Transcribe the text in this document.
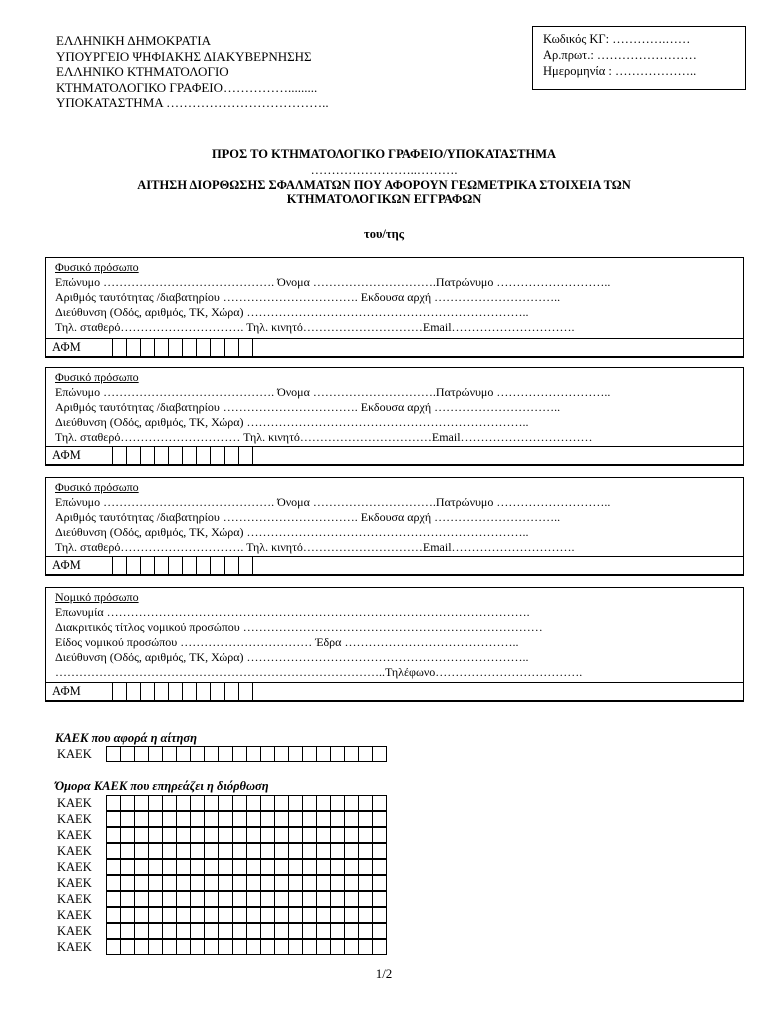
ΕΛΛΗΝΙΚΗ ΔΗΜΟΚΡΑΤΙΑ
ΥΠΟΥΡΓΕΙΟ ΨΗΦΙΑΚΗΣ ΔΙΑΚΥΒΕΡΝΗΣΗΣ
ΕΛΛΗΝΙΚΟ ΚΤΗΜΑΤΟΛΟΓΙΟ
ΚΤΗΜΑΤΟΛΟΓΙΚΟ ΓΡΑΦΕΙΟ…………….........
ΥΠΟΚΑΤΑΣΤΗΜΑ ………………………………..
Κωδικός ΚΓ: ………….……
Αρ.πρωτ.: ……………………
Ημερομηνία : ………………..
ΠΡΟΣ ΤΟ ΚΤΗΜΑΤΟΛΟΓΙΚΟ ΓΡΑΦΕΙΟ/ΥΠΟΚΑΤΑΣΤΗΜΑ
……………………..……….
ΑΙΤΗΣΗ ΔΙΟΡΘΩΣΗΣ ΣΦΑΛΜΑΤΩΝ ΠΟΥ ΑΦΟΡΟΥΝ ΓΕΩΜΕΤΡΙΚΑ ΣΤΟΙΧΕΙΑ ΤΩΝ
ΚΤΗΜΑΤΟΛΟΓΙΚΩΝ ΕΓΓΡΑΦΩΝ
του/της
Φυσικό πρόσωπο
Επώνυμο ……………………………………. Όνομα ………………………….Πατρώνυμο ………………………..
Αριθμός ταυτότητας /διαβατηρίου ……………………………. Εκδουσα αρχή …………………………..
Διεύθυνση (Οδός, αριθμός, ΤΚ, Χώρα) ……………………………………………………………..
Τηλ. σταθερό…………………………. Τηλ. κινητό…………………………Email………………………….
ΑΦΜ
Φυσικό πρόσωπο
Επώνυμο ……………………………………. Όνομα ………………………….Πατρώνυμο ………………………..
Αριθμός ταυτότητας /διαβατηρίου ……………………………. Εκδουσα αρχή …………………………..
Διεύθυνση (Οδός, αριθμός, ΤΚ, Χώρα) ……………………………………………………………..
Τηλ. σταθερό………………………… Τηλ. κινητό……………………………Email……………………………
ΑΦΜ
Φυσικό πρόσωπο
Επώνυμο ……………………………………. Όνομα ………………………….Πατρώνυμο ………………………..
Αριθμός ταυτότητας /διαβατηρίου ……………………………. Εκδουσα αρχή …………………………..
Διεύθυνση (Οδός, αριθμός, ΤΚ, Χώρα) ……………………………………………………………..
Τηλ. σταθερό…………………………. Τηλ. κινητό…………………………Email………………………….
ΑΦΜ
Νομικό πρόσωπο
Επωνυμία …………………………………………………………………………………………….
Διακριτικός τίτλος νομικού προσώπου …………………………………………………………………
Είδος νομικού προσώπου …………………………… Έδρα ……………………………………..
Διεύθυνση (Οδός, αριθμός, ΤΚ, Χώρα) ……………………………………………………………..
………………………………………………………………………..Τηλέφωνο……………………………….
ΑΦΜ
ΚΑΕΚ που αφορά η αίτηση
ΚΑΕΚ
Όμορα ΚΑΕΚ που επηρεάζει η διόρθωση
ΚΑΕΚ
ΚΑΕΚ
ΚΑΕΚ
ΚΑΕΚ
ΚΑΕΚ
ΚΑΕΚ
ΚΑΕΚ
ΚΑΕΚ
ΚΑΕΚ
ΚΑΕΚ
1/2
